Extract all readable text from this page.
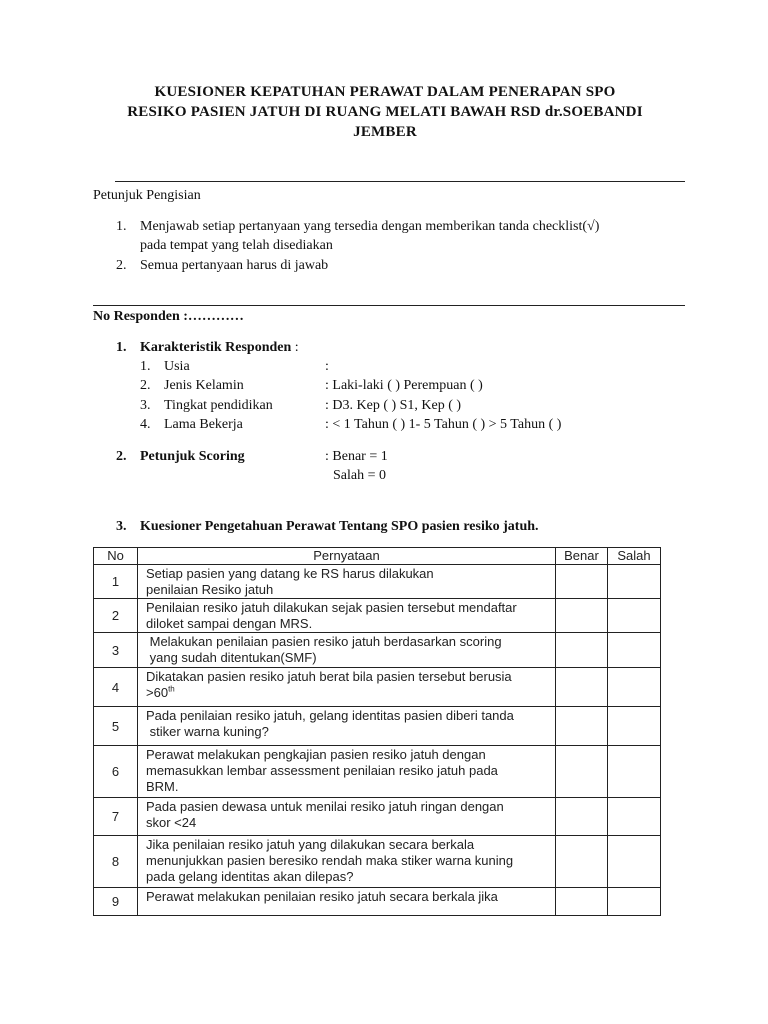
KUESIONER KEPATUHAN PERAWAT DALAM PENERAPAN SPO
RESIKO PASIEN JATUH DI RUANG MELATI BAWAH RSD dr.SOEBANDI
JEMBER
Petunjuk Pengisian
1. Menjawab setiap pertanyaan yang tersedia dengan memberikan tanda checklist(√)
pada tempat yang telah disediakan
2. Semua pertanyaan harus di jawab
No Responden :…………
1. Karakteristik Responden :
1. Usia	:
2. Jenis Kelamin	: Laki-laki ( ) Perempuan ( )
3. Tingkat pendidikan	: D3. Kep ( ) S1, Kep ( )
4. Lama Bekerja	: < 1 Tahun ( ) 1- 5 Tahun ( ) > 5 Tahun ( )
2. Petunjuk Scoring	: Benar = 1
Salah = 0
3. Kuesioner Pengetahuan Perawat Tentang SPO pasien resiko jatuh.
No	Pernyataan	Benar	Salah
1	Setiap pasien yang datang ke RS harus dilakukan
penilaian Resiko jatuh		

2	Penilaian resiko jatuh dilakukan sejak pasien tersebut mendaftar
diloket sampai dengan MRS.		

3	Melakukan penilaian pasien resiko jatuh berdasarkan scoring
yang sudah ditentukan(SMF)		

4	Dikatakan pasien resiko jatuh berat bila pasien tersebut berusia
>60th

5	Pada penilaian resiko jatuh, gelang identitas pasien diberi tanda
stiker warna kuning?		

6	Perawat melakukan pengkajian pasien resiko jatuh dengan
memasukkan lembar assessment penilaian resiko jatuh pada
BRM.		

7	Pada pasien dewasa untuk menilai resiko jatuh ringan dengan
skor <24		

8	Jika penilaian resiko jatuh yang dilakukan secara berkala
menunjukkan pasien beresiko rendah maka stiker warna kuning
pada gelang identitas akan dilepas?		

9	Perawat melakukan penilaian resiko jatuh secara berkala jika		
